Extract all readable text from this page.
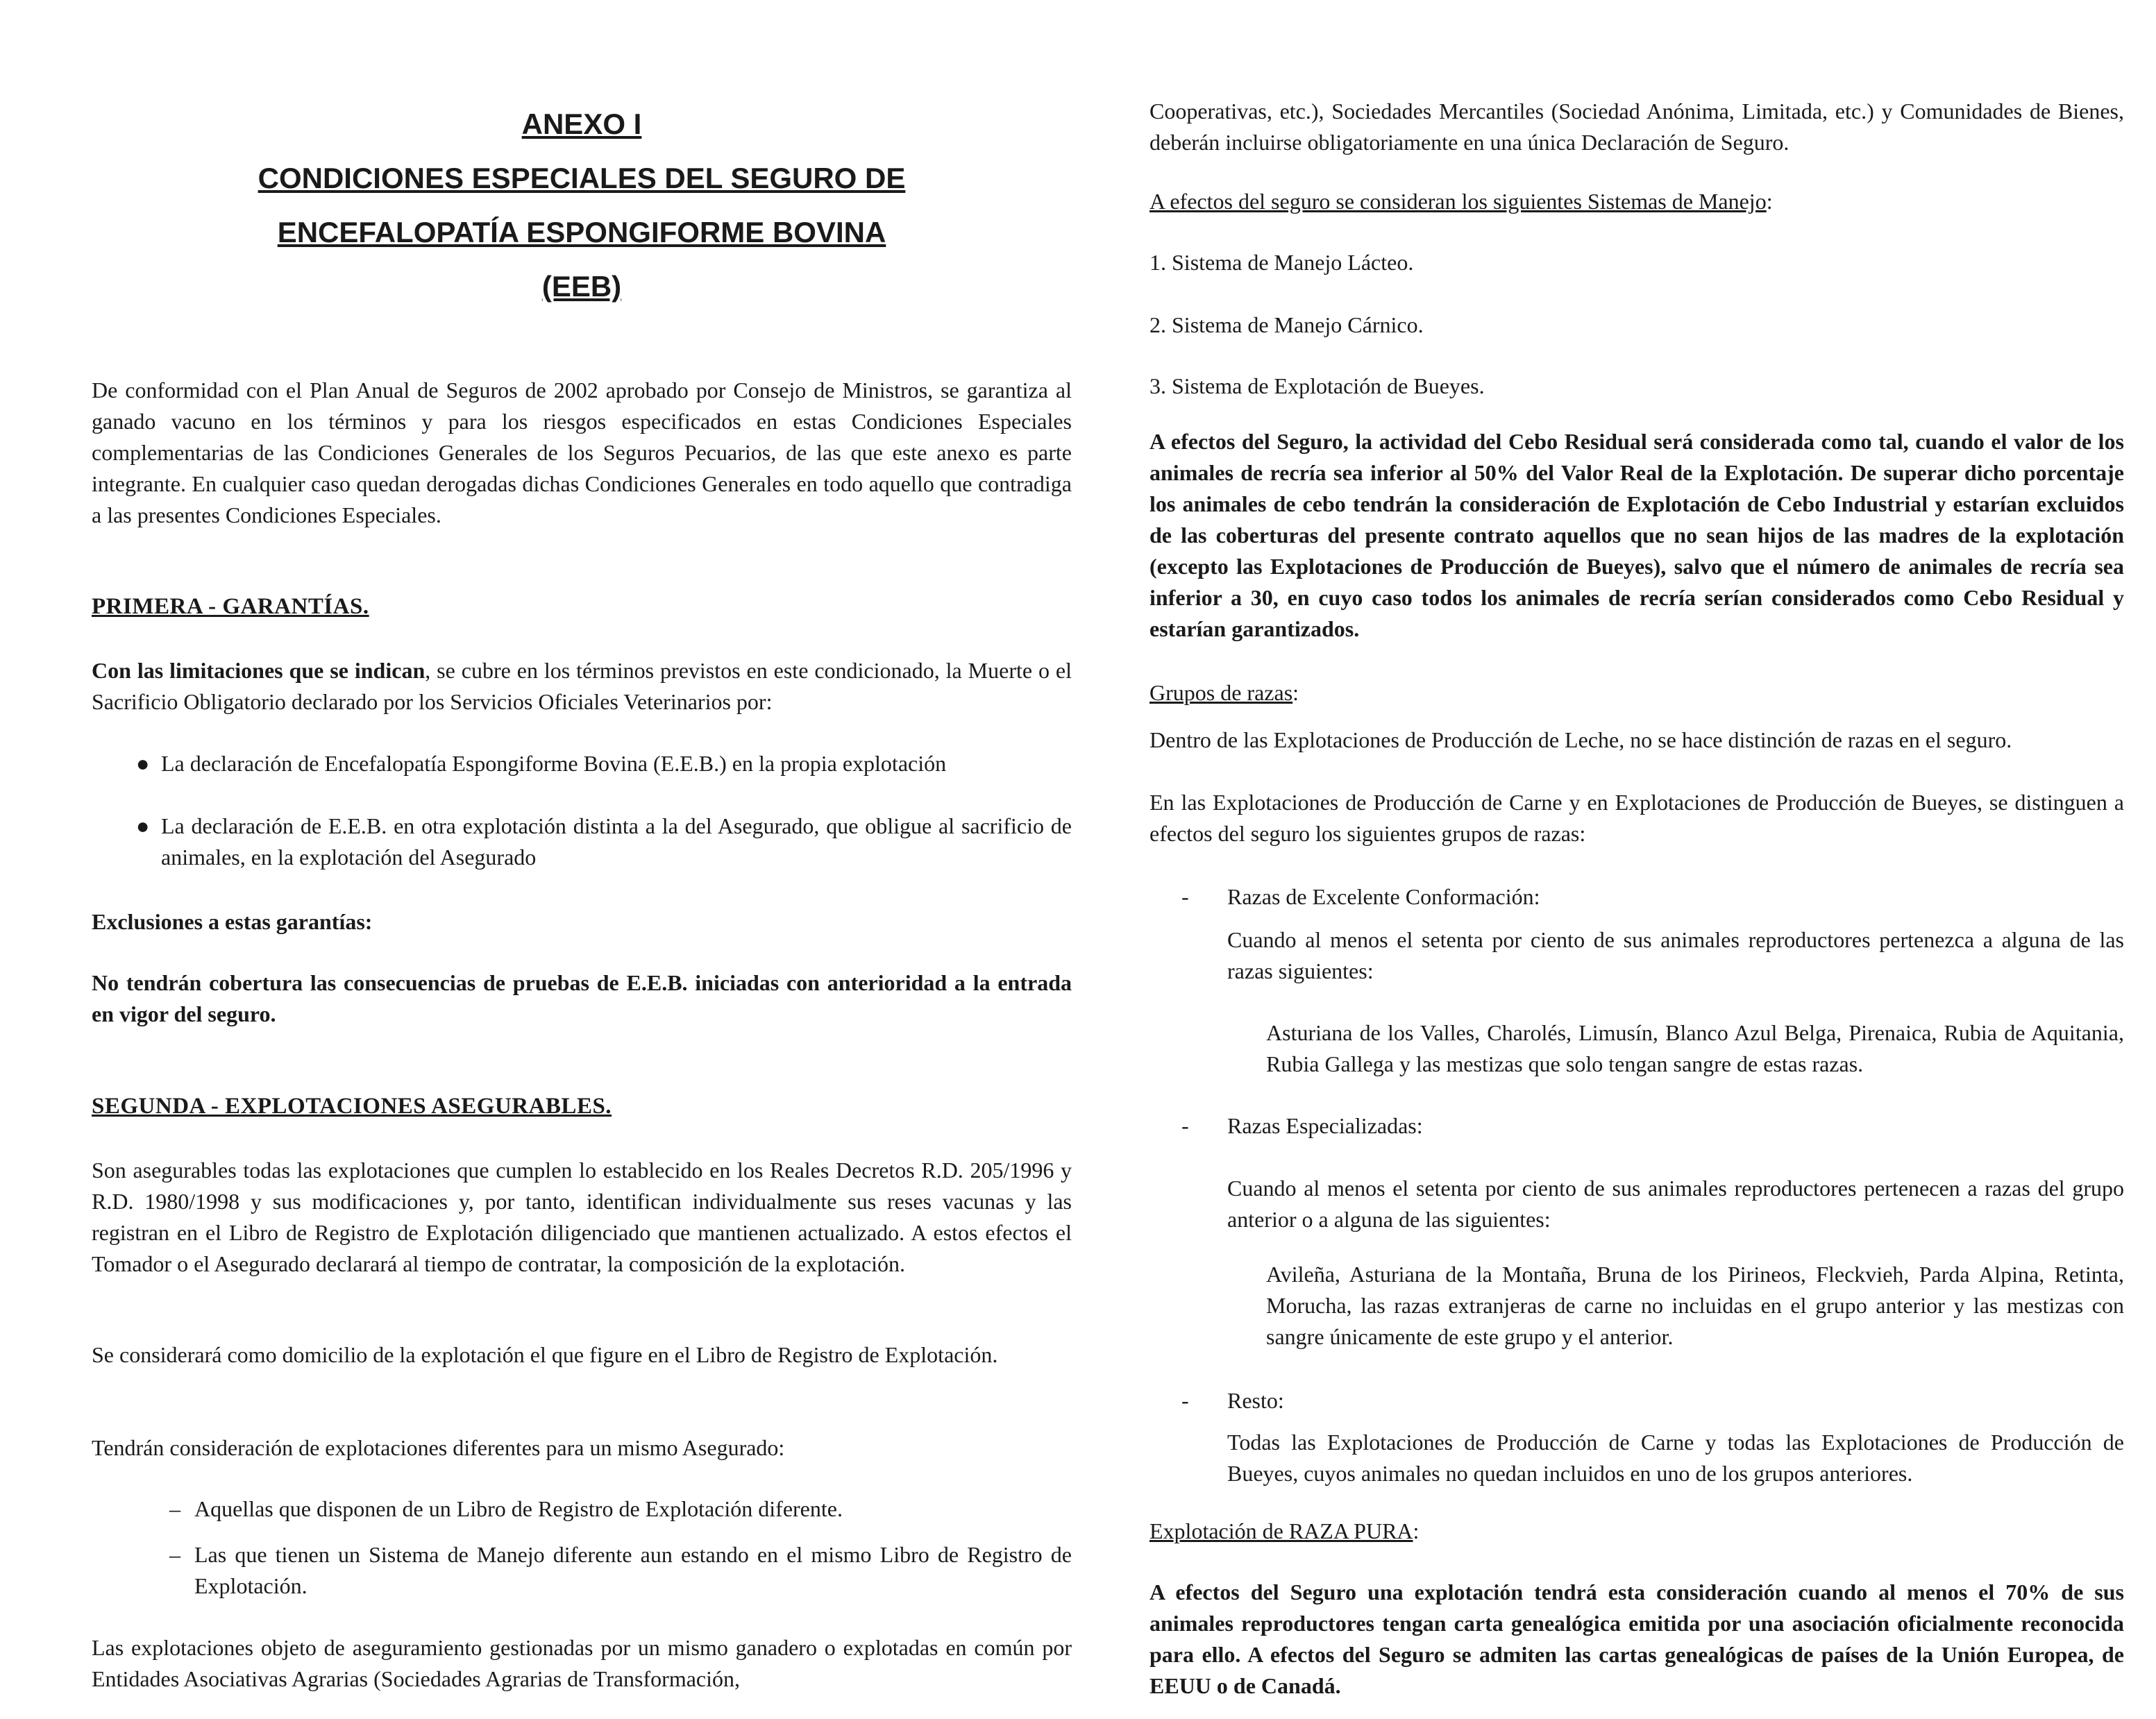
ANEXO I
CONDICIONES ESPECIALES DEL SEGURO DE
ENCEFALOPATÍA ESPONGIFORME BOVINA
(EEB)

De conformidad con el Plan Anual de Seguros de 2002 aprobado por Consejo de Ministros, se garantiza al ganado vacuno en los términos y para los riesgos especificados en estas Condiciones Especiales complementarias de las Condiciones Generales de los Seguros Pecuarios, de las que este anexo es parte integrante. En cualquier caso quedan derogadas dichas Condiciones Generales en todo aquello que contradiga a las presentes Condiciones Especiales.

PRIMERA - GARANTÍAS.

Con las limitaciones que se indican, se cubre en los términos previstos en este condicionado, la Muerte o el Sacrificio Obligatorio declarado por los Servicios Oficiales Veterinarios por:

● La declaración de Encefalopatía Espongiforme Bovina (E.E.B.) en la propia explotación
● La declaración de E.E.B. en otra explotación distinta a la del Asegurado, que obligue al sacrificio de animales, en la explotación del Asegurado
Exclusiones a estas garantías:

No tendrán cobertura las consecuencias de pruebas de E.E.B. iniciadas con anterioridad a la entrada en vigor del seguro.

SEGUNDA - EXPLOTACIONES ASEGURABLES.

Son asegurables todas las explotaciones que cumplen lo establecido en los Reales Decretos R.D. 205/1996 y R.D. 1980/1998 y sus modificaciones y, por tanto, identifican individualmente sus reses vacunas y las registran en el Libro de Registro de Explotación diligenciado que mantienen actualizado. A estos efectos el Tomador o el Asegurado declarará al tiempo de contratar, la composición de la explotación.

Se considerará como domicilio de la explotación el que figure en el Libro de Registro de Explotación.

Tendrán consideración de explotaciones diferentes para un mismo Asegurado:

– Aquellas que disponen de un Libro de Registro de Explotación diferente.
– Las que tienen un Sistema de Manejo diferente aun estando en el mismo Libro de Registro de Explotación.

Las explotaciones objeto de aseguramiento gestionadas por un mismo ganadero o explotadas en común por Entidades Asociativas Agrarias (Sociedades Agrarias de Transformación,

Cooperativas, etc.), Sociedades Mercantiles (Sociedad Anónima, Limitada, etc.) y Comunidades de Bienes, deberán incluirse obligatoriamente en una única Declaración de Seguro.

A efectos del seguro se consideran los siguientes Sistemas de Manejo:

1. Sistema de Manejo Lácteo.

2. Sistema de Manejo Cárnico.

3. Sistema de Explotación de Bueyes.

A efectos del Seguro, la actividad del Cebo Residual será considerada como tal, cuando el valor de los animales de recría sea inferior al 50% del Valor Real de la Explotación. De superar dicho porcentaje los animales de cebo tendrán la consideración de Explotación de Cebo Industrial y estarían excluidos de las coberturas del presente contrato aquellos que no sean hijos de las madres de la explotación (excepto las Explotaciones de Producción de Bueyes), salvo que el número de animales de recría sea inferior a 30, en cuyo caso todos los animales de recría serían considerados como Cebo Residual y estarían garantizados.

Grupos de razas:

Dentro de las Explotaciones de Producción de Leche, no se hace distinción de razas en el seguro.

En las Explotaciones de Producción de Carne y en Explotaciones de Producción de Bueyes, se distinguen a efectos del seguro los siguientes grupos de razas:

-	Razas de Excelente Conformación:

Cuando al menos el setenta por ciento de sus animales reproductores pertenezca a alguna de las razas siguientes:

Asturiana de los Valles, Charolés, Limusín, Blanco Azul Belga, Pirenaica, Rubia de Aquitania, Rubia Gallega y las mestizas que solo tengan sangre de estas razas.

-	Razas Especializadas:

Cuando al menos el setenta por ciento de sus animales reproductores pertenecen a razas del grupo anterior o a alguna de las siguientes:

Avileña, Asturiana de la Montaña, Bruna de los Pirineos, Fleckvieh, Parda Alpina, Retinta, Morucha, las razas extranjeras de carne no incluidas en el grupo anterior y las mestizas con sangre únicamente de este grupo y el anterior.

-	Resto:

Todas las Explotaciones de Producción de Carne y todas las Explotaciones de Producción de Bueyes, cuyos animales no quedan incluidos en uno de los grupos anteriores.

Explotación de RAZA PURA:

A efectos del Seguro una explotación tendrá esta consideración cuando al menos el 70% de sus animales reproductores tengan carta genealógica emitida por una asociación oficialmente reconocida para ello. A efectos del Seguro se admiten las cartas genealógicas de países de la Unión Europea, de EEUU o de Canadá.
